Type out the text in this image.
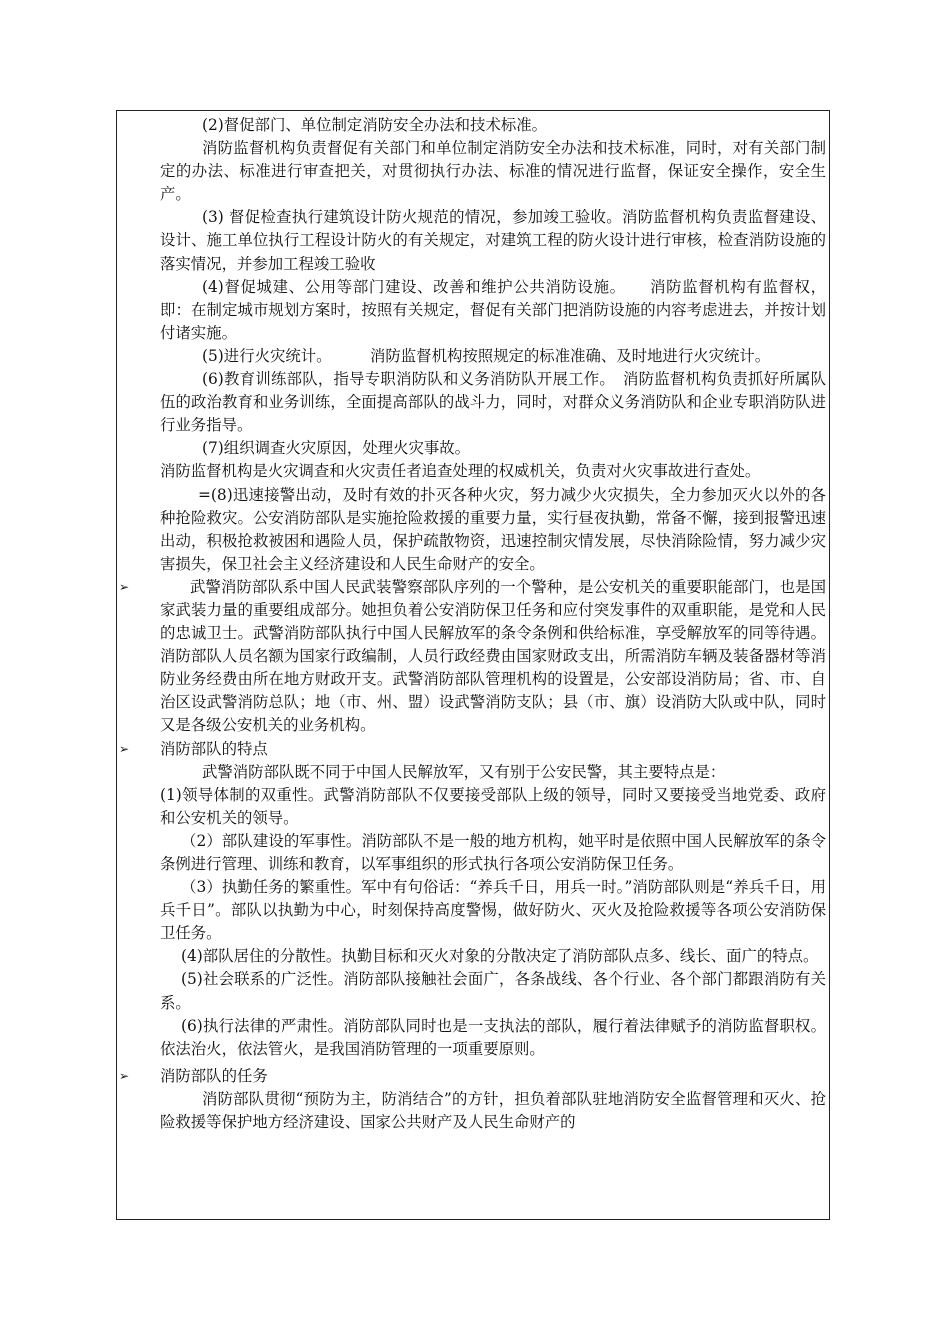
(2)督促部门、单位制定消防安全办法和技术标准。

消防监督机构负责督促有关部门和单位制定消防安全办法和技术标准，同时，对有关部门制定的办法、标准进行审查把关，对贯彻执行办法、标准的情况进行监督，保证安全操作，安全生产。

(3) 督促检查执行建筑设计防火规范的情况，参加竣工验收。消防监督机构负责监督建设、设计、施工单位执行工程设计防火的有关规定，对建筑工程的防火设计进行审核，检查消防设施的落实情况，并参加工程竣工验收

(4)督促城建、公用等部门建设、改善和维护公共消防设施。　　消防监督机构有监督权，即：在制定城市规划方案时，按照有关规定，督促有关部门把消防设施的内容考虑进去，并按计划付诸实施。

(5)进行火灾统计。　　　消防监督机构按照规定的标准准确、及时地进行火灾统计。

(6)教育训练部队，指导专职消防队和义务消防队开展工作。　消防监督机构负责抓好所属队伍的政治教育和业务训练，全面提高部队的战斗力，同时，对群众义务消防队和企业专职消防队进行业务指导。

(7)组织调查火灾原因，处理火灾事故。

消防监督机构是火灾调查和火灾责任者追查处理的权威机关，负责对火灾事故进行查处。

=(8)迅速接警出动，及时有效的扑灭各种火灾，努力减少火灾损失，全力参加灭火以外的各种抢险救灾。公安消防部队是实施抢险救援的重要力量，实行昼夜执勤，常备不懈，接到报警迅速出动，积极抢救被困和遇险人员，保护疏散物资，迅速控制灾情发展，尽快消除险情，努力减少灾害损失，保卫社会主义经济建设和人民生命财产的安全。

➢	武警消防部队系中国人民武装警察部队序列的一个警种，是公安机关的重要职能部门，也是国家武装力量的重要组成部分。她担负着公安消防保卫任务和应付突发事件的双重职能，是党和人民的忠诚卫士。武警消防部队执行中国人民解放军的条令条例和供给标准，享受解放军的同等待遇。消防部队人员名额为国家行政编制，人员行政经费由国家财政支出，所需消防车辆及装备器材等消防业务经费由所在地方财政开支。武警消防部队管理机构的设置是，公安部设消防局；省、市、自治区设武警消防总队；地（市、州、盟）设武警消防支队；县（市、旗）设消防大队或中队，同时又是各级公安机关的业务机构。

➢ 消防部队的特点

武警消防部队既不同于中国人民解放军，又有别于公安民警，其主要特点是：

(1)领导体制的双重性。武警消防部队不仅要接受部队上级的领导，同时又要接受当地党委、政府和公安机关的领导。

（2）部队建设的军事性。消防部队不是一般的地方机构，她平时是依照中国人民解放军的条令条例进行管理、训练和教育，以军事组织的形式执行各项公安消防保卫任务。

（3）执勤任务的繁重性。军中有句俗话：“养兵千日，用兵一时。”消防部队则是“养兵千日，用兵千日”。部队以执勤为中心，时刻保持高度警惕，做好防火、灭火及抢险救援等各项公安消防保卫任务。

(4)部队居住的分散性。执勤目标和灭火对象的分散决定了消防部队点多、线长、面广的特点。

(5)社会联系的广泛性。消防部队接触社会面广，各条战线、各个行业、各个部门都跟消防有关系。

(6)执行法律的严肃性。消防部队同时也是一支执法的部队，履行着法律赋予的消防监督职权。依法治火，依法管火，是我国消防管理的一项重要原则。

➢ 消防部队的任务

消防部队贯彻“预防为主，防消结合”的方针，担负着部队驻地消防安全监督管理和灭火、抢险救援等保护地方经济建设、国家公共财产及人民生命财产的
